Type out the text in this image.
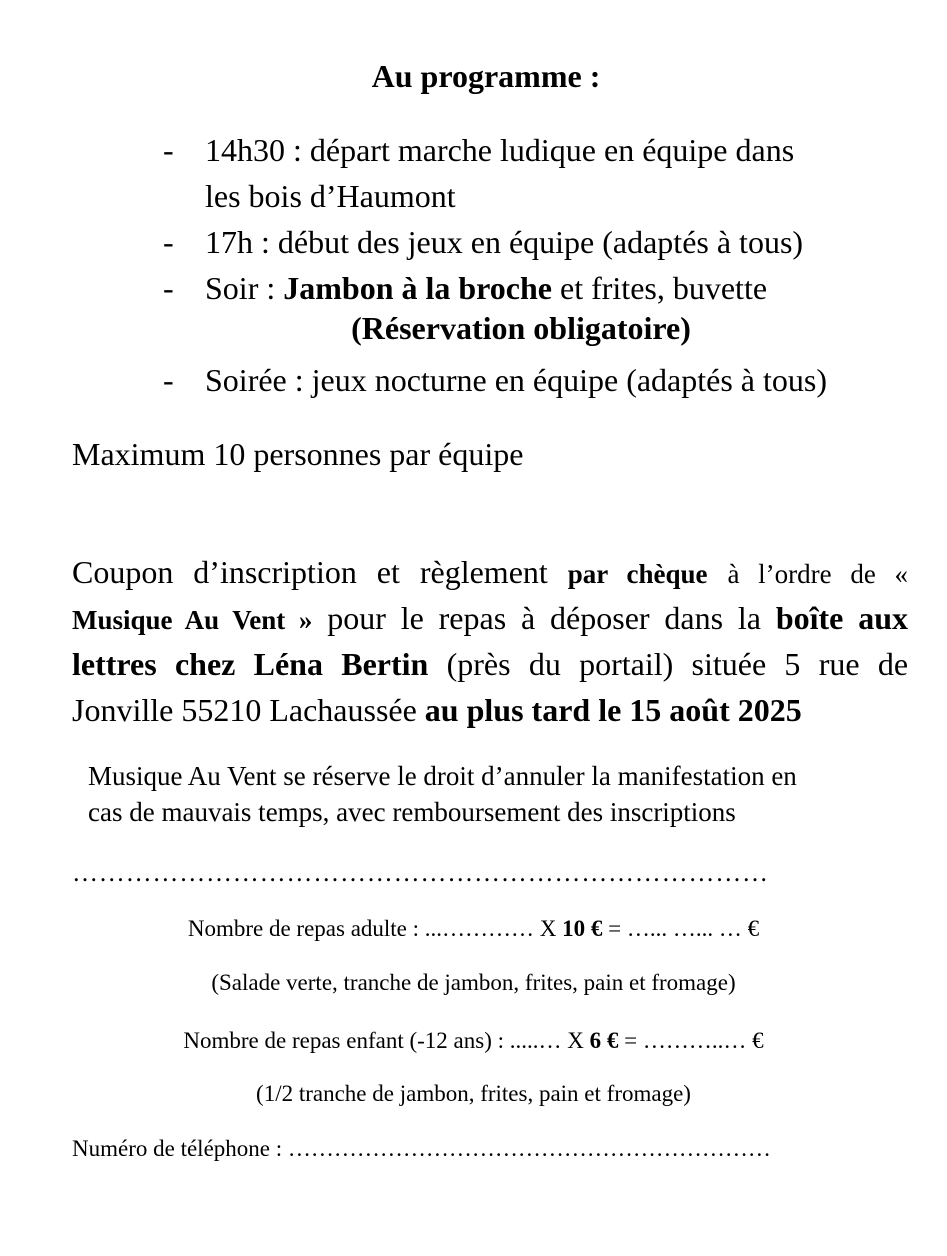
Au programme :
- 14h30 : départ marche ludique en équipe dans
les bois d’Haumont
- 17h : début des jeux en équipe (adaptés à tous)
- Soir : Jambon à la broche et frites, buvette
(Réservation obligatoire)
- Soirée : jeux nocturne en équipe (adaptés à tous)
Maximum 10 personnes par équipe
Coupon d’inscription et règlement par chèque à l’ordre de «
Musique Au Vent » pour le repas à déposer dans la boîte aux
lettres chez Léna Bertin (près du portail) située 5 rue de
Jonville 55210 Lachaussée au plus tard le 15 août 2025
Musique Au Vent se réserve le droit d’annuler la manifestation en
cas de mauvais temps, avec remboursement des inscriptions
……………………………………………………………………
Nombre de repas adulte : ...………… X 10 € = …... …... … €
(Salade verte, tranche de jambon, frites, pain et fromage)
Nombre de repas enfant (-12 ans) : .....… X 6 € = ………..… €
(1/2 tranche de jambon, frites, pain et fromage)
Numéro de téléphone : ………………………………………………………
